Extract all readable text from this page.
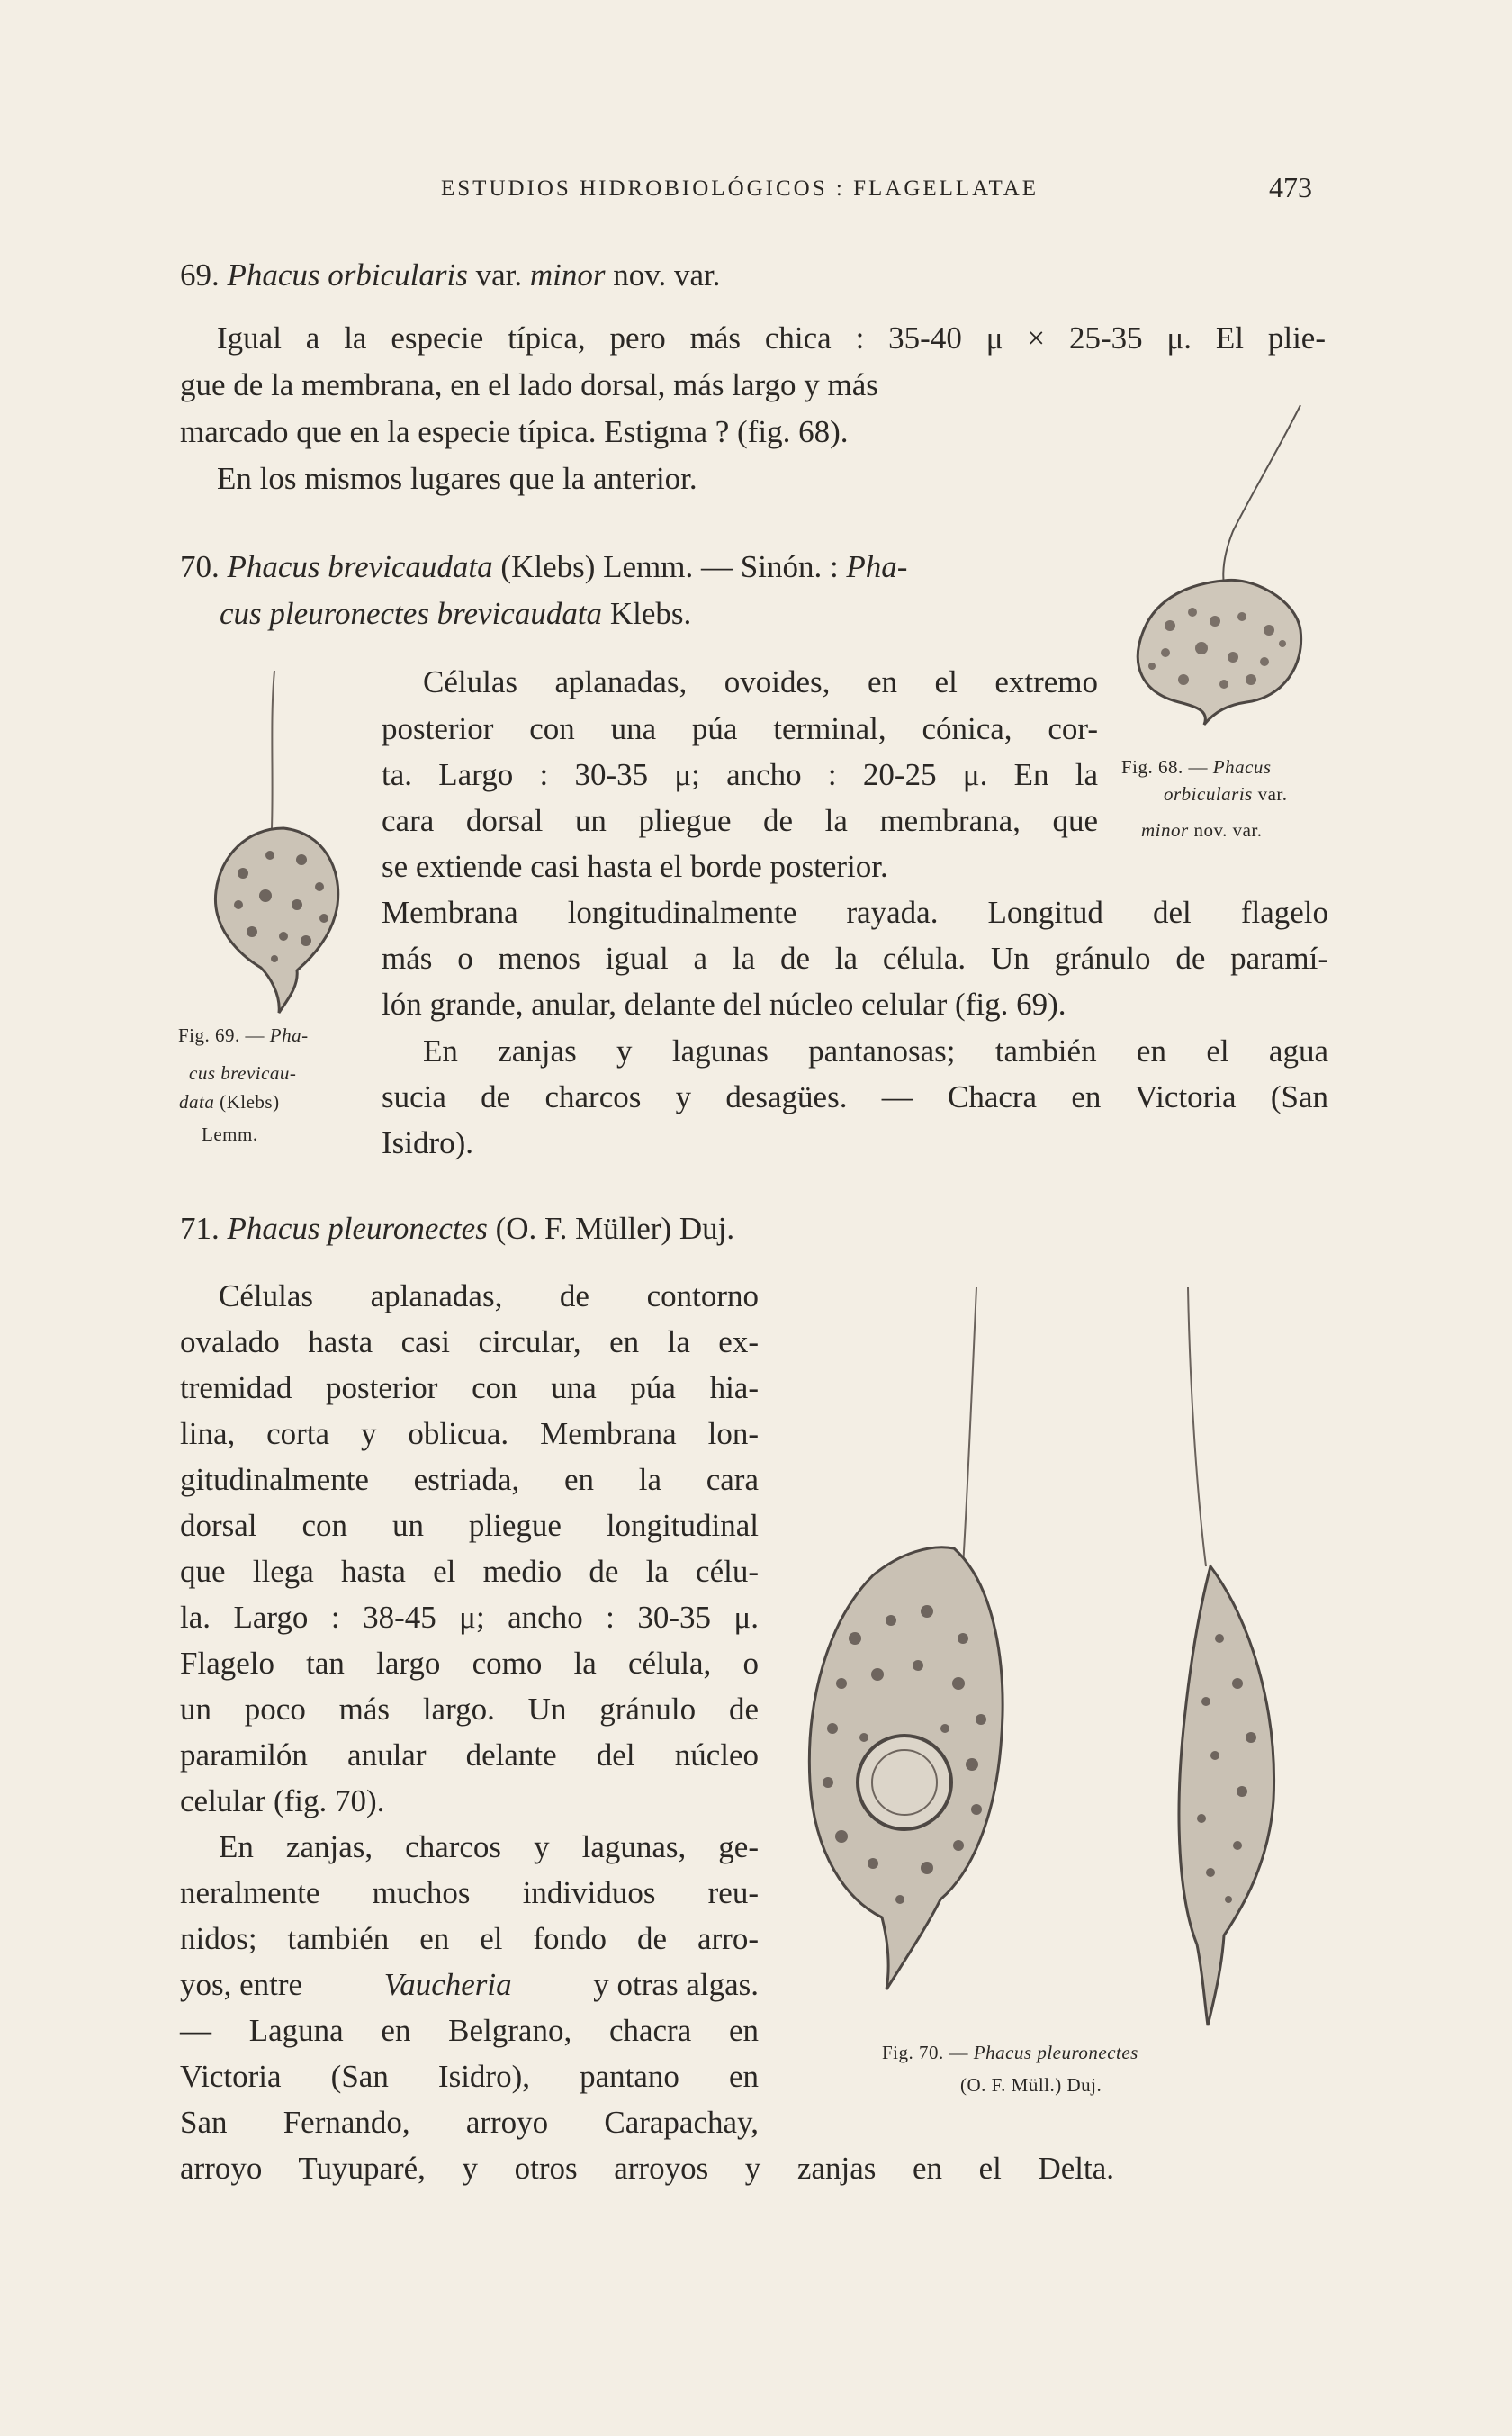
ESTUDIOS HIDROBIOLÓGICOS : FLAGELLATAE	473
69. Phacus orbicularis var. minor nov. var.
Igual a la especie típica, pero más chica : 35-40 μ × 25-35 μ. El plie-
gue de la membrana, en el lado dorsal, más largo y más
marcado que en la especie típica. Estigma ? (fig. 68).
En los mismos lugares que la anterior.
70. Phacus brevicaudata (Klebs) Lemm. — Sinón. : Pha-
cus pleuronectes brevicaudata Klebs.
Células aplanadas, ovoides, en el extremo
posterior con una púa terminal, cónica, cor-
ta. Largo : 30-35 μ; ancho : 20-25 μ. En la
cara dorsal un pliegue de la membrana, que
se extiende casi hasta el borde posterior.
Membrana longitudinalmente rayada. Longitud del flagelo
más o menos igual a la de la célula. Un gránulo de paramí-
lón grande, anular, delante del núcleo celular (fig. 69).
En zanjas y lagunas pantanosas; también en el agua
sucia de charcos y desagües. — Chacra en Victoria (San
Isidro).
Fig. 68. — Phacus
orbicularis var.
minor nov. var.
Fig. 69. — Pha-
cus brevicau-
data (Klebs)
Lemm.
71. Phacus pleuronectes (O. F. Müller) Duj.
Células aplanadas, de contorno
ovalado hasta casi circular, en la ex-
tremidad posterior con una púa hia-
lina, corta y oblicua. Membrana lon-
gitudinalmente estriada, en la cara
dorsal con un pliegue longitudinal
que llega hasta el medio de la célu-
la. Largo : 38-45 μ; ancho : 30-35 μ.
Flagelo tan largo como la célula, o
un poco más largo. Un gránulo de
paramilón anular delante del núcleo
celular (fig. 70).
En zanjas, charcos y lagunas, ge-
neralmente muchos individuos reu-
nidos; también en el fondo de arro-
yos, entre	Vaucheria	y otras algas.
— Laguna en Belgrano, chacra en
Victoria (San Isidro), pantano en
San Fernando, arroyo Carapachay,
arroyo Tuyuparé, y otros arroyos y zanjas en el Delta.
Fig. 70. — Phacus pleuronectes
(O. F. Müll.) Duj.
